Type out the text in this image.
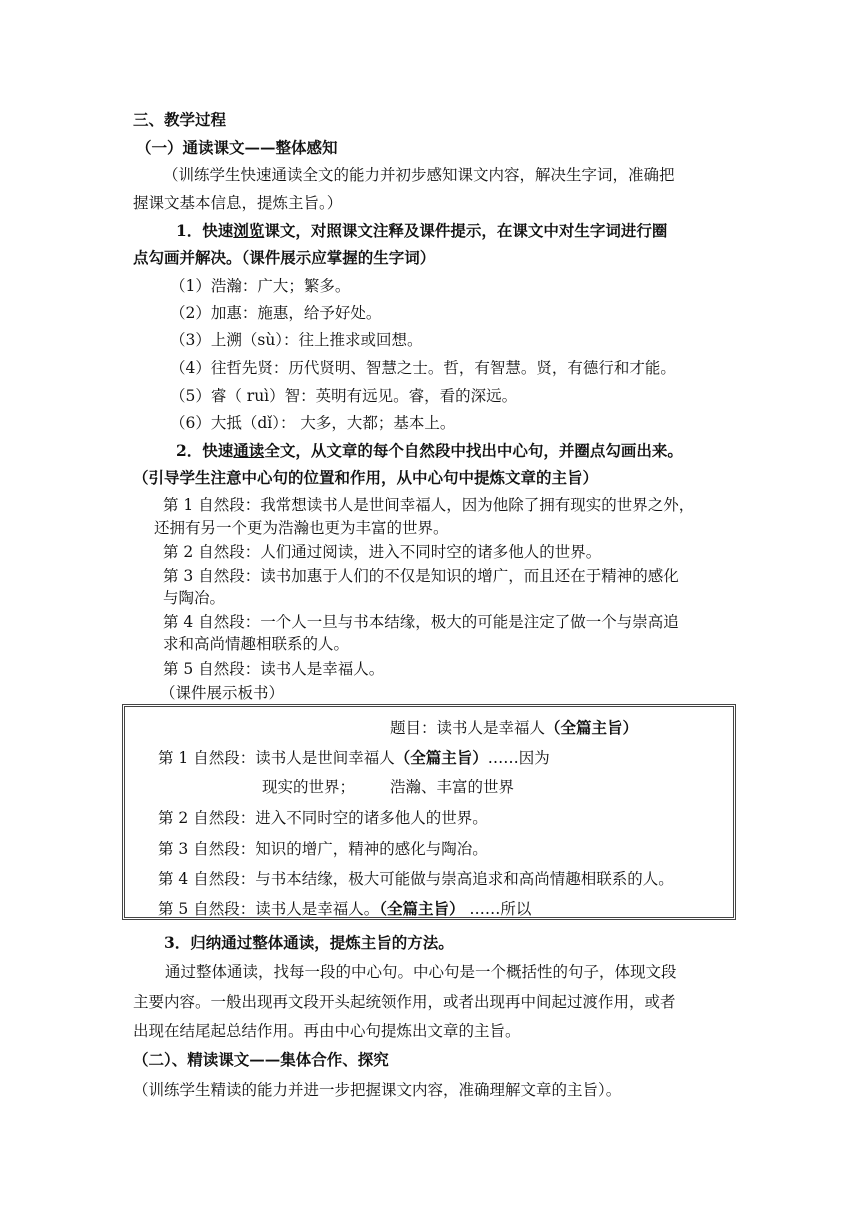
三、教学过程
（一）通读课文——整体感知
（训练学生快速通读全文的能力并初步感知课文内容，解决生字词，准确把
握课文基本信息，提炼主旨。）
1．快速浏览课文，对照课文注释及课件提示，在课文中对生字词进行圈
点勾画并解决。（课件展示应掌握的生字词）
（1）浩瀚：广大；繁多。
（2）加惠：施惠，给予好处。
（3）上溯（sù）：往上推求或回想。
（4）往哲先贤：历代贤明、智慧之士。哲，有智慧。贤，有德行和才能。
（5）睿（ ruì）智：英明有远见。睿，看的深远。
（6）大抵（dǐ）： 大多，大都；基本上。
2．快速通读全文，从文章的每个自然段中找出中心句，并圈点勾画出来。
（引导学生注意中心句的位置和作用，从中心句中提炼文章的主旨）
第 1 自然段：我常想读书人是世间幸福人，因为他除了拥有现实的世界之外，
还拥有另一个更为浩瀚也更为丰富的世界。
第 2 自然段：人们通过阅读，进入不同时空的诸多他人的世界。
第 3 自然段：读书加惠于人们的不仅是知识的增广，而且还在于精神的感化
与陶冶。
第 4 自然段：一个人一旦与书本结缘，极大的可能是注定了做一个与崇高追
求和高尚情趣相联系的人。
第 5 自然段：读书人是幸福人。
（课件展示板书）
题目：读书人是幸福人（全篇主旨）
第 1 自然段：读书人是世间幸福人（全篇主旨）……因为
现实的世界； 浩瀚、丰富的世界
第 2 自然段：进入不同时空的诸多他人的世界。
第 3 自然段：知识的增广，精神的感化与陶冶。
第 4 自然段：与书本结缘，极大可能做与崇高追求和高尚情趣相联系的人。
第 5 自然段：读书人是幸福人。（全篇主旨） ……所以
3．归纳通过整体通读，提炼主旨的方法。
通过整体通读，找每一段的中心句。中心句是一个概括性的句子，体现文段
主要内容。一般出现再文段开头起统领作用，或者出现再中间起过渡作用，或者
出现在结尾起总结作用。再由中心句提炼出文章的主旨。
（二）、精读课文——集体合作、探究
（训练学生精读的能力并进一步把握课文内容，准确理解文章的主旨）。
